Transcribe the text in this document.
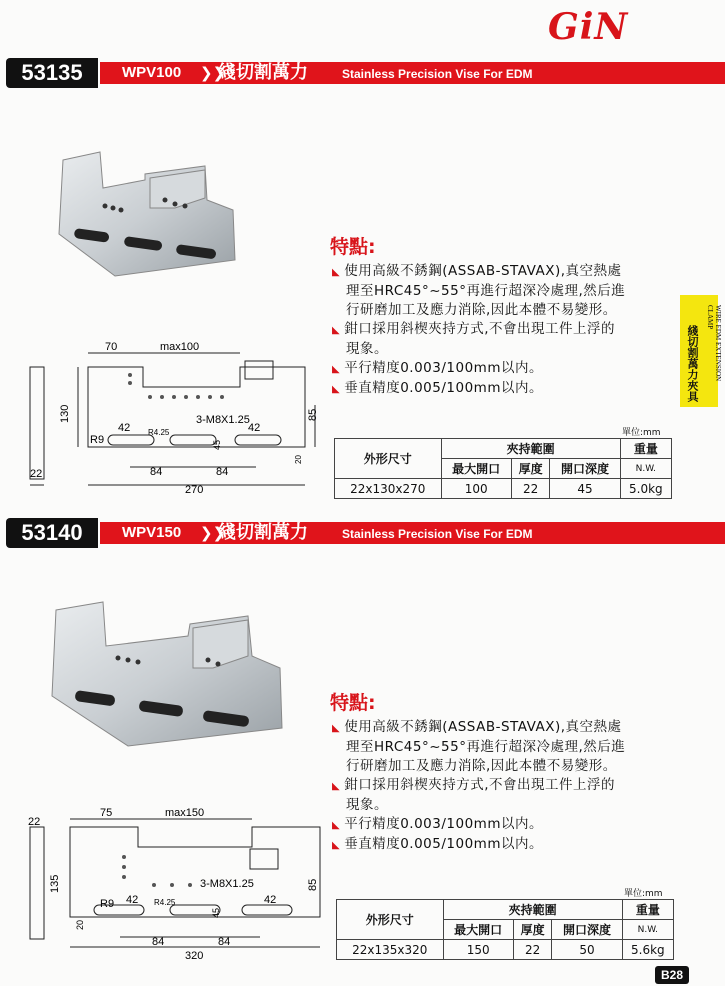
GiN
53135	WPV100 ❯❯
綫切割萬力	Stainless Precision Vise For EDM
特點:
◣ 使用高級不銹鋼(ASSAB-STAVAX),真空熱處
理至HRC45°~55°再進行超深冷處理,然后進
行研磨加工及應力消除,因此本體不易變形。
◣ 鉗口採用斜楔夾持方式,不會出現工件上浮的
現象。
◣ 平行精度0.003/100mm以内。
◣ 垂直精度0.005/100mm以内。
70	max100
130
R9
42 R4.25	42
3-M8X1.25	85
45
20
84	84
270
22
單位:mm
外形尺寸	夾持範圍			重量
	最大開口	厚度	開口深度	N.W.
22x130x270	100	22	45	5.0kg
WIRE EDM EXTENSION CLAMP
綫切割萬力夾具
53140	WPV150 ❯❯
綫切割萬力	Stainless Precision Vise For EDM
特點:
◣ 使用高級不銹鋼(ASSAB-STAVAX),真空熱處
理至HRC45°~55°再進行超深冷處理,然后進
行研磨加工及應力消除,因此本體不易變形。
◣ 鉗口採用斜楔夾持方式,不會出現工件上浮的
現象。
◣ 平行精度0.003/100mm以内。
◣ 垂直精度0.005/100mm以内。
75	max150
22
135
R9 42 R4.25	42
3-M8X1.25	85
45
20
84	84
320
單位:mm
外形尺寸	夾持範圍			重量
	最大開口	厚度	開口深度	N.W.
22x135x320	150	22	50	5.6kg
B28
